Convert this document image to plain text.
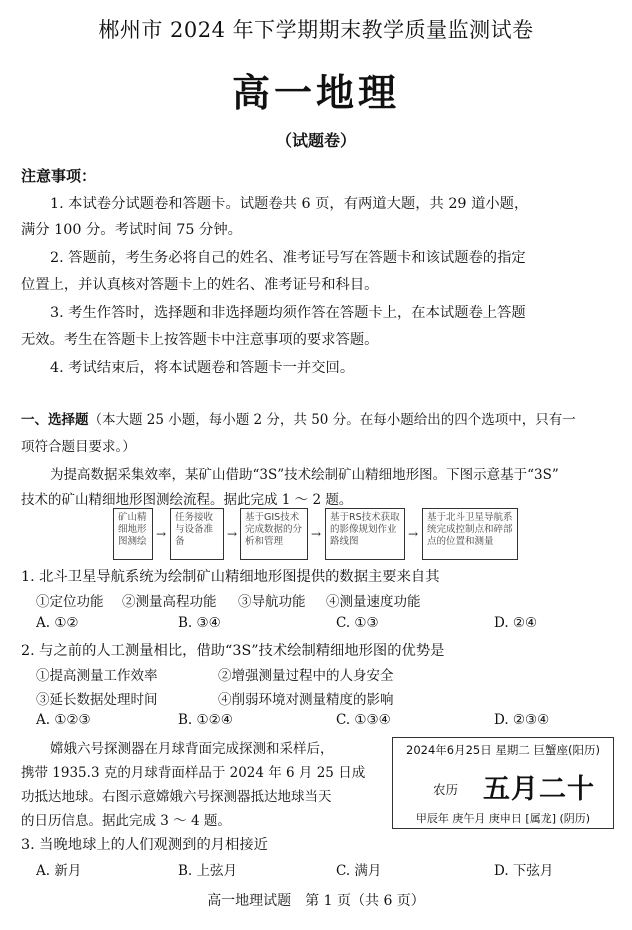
郴州市 2024 年下学期期末教学质量监测试卷
高一地理
（试题卷）
注意事项：
1. 本试卷分试题卷和答题卡。试题卷共 6 页，有两道大题，共 29 道小题，
满分 100 分。考试时间 75 分钟。
2. 答题前，考生务必将自己的姓名、准考证号写在答题卡和该试题卷的指定
位置上，并认真核对答题卡上的姓名、准考证号和科目。
3. 考生作答时，选择题和非选择题均须作答在答题卡上，在本试题卷上答题
无效。考生在答题卡上按答题卡中注意事项的要求答题。
4. 考试结束后，将本试题卷和答题卡一并交回。
一、选择题（本大题 25 小题，每小题 2 分，共 50 分。在每小题给出的四个选项中，只有一
项符合题目要求。）
为提高数据采集效率，某矿山借助“3S”技术绘制矿山精细地形图。下图示意基于“3S”
技术的矿山精细地形图测绘流程。据此完成 1 ～ 2 题。
矿山精细地形图测绘
→
任务接收与设备准备
→
基于GIS技术完成数据的分析和管理
→
基于RS技术获取的影像规划作业路线图
→
基于北斗卫星导航系统完成控制点和碎部点的位置和测量
1. 北斗卫星导航系统为绘制矿山精细地形图提供的数据主要来自其
①定位功能 ②测量高程功能 ③导航功能 ④测量速度功能
A. ①②	B. ③④	C. ①③	D. ②④
2. 与之前的人工测量相比，借助“3S”技术绘制精细地形图的优势是
①提高测量工作效率	②增强测量过程中的人身安全
③延长数据处理时间	④削弱环境对测量精度的影响
A. ①②③	B. ①②④	C. ①③④	D. ②③④
嫦娥六号探测器在月球背面完成探测和采样后，
携带 1935.3 克的月球背面样品于 2024 年 6 月 25 日成
功抵达地球。右图示意嫦娥六号探测器抵达地球当天
的日历信息。据此完成 3 ～ 4 题。
2024年6月25日 星期二 巨蟹座(阳历)
农历 五月二十
甲辰年 庚午月 庚申日 [属龙] (阴历)
3. 当晚地球上的人们观测到的月相接近
A. 新月	B. 上弦月	C. 满月	D. 下弦月
高一地理试题　第 1 页（共 6 页）
